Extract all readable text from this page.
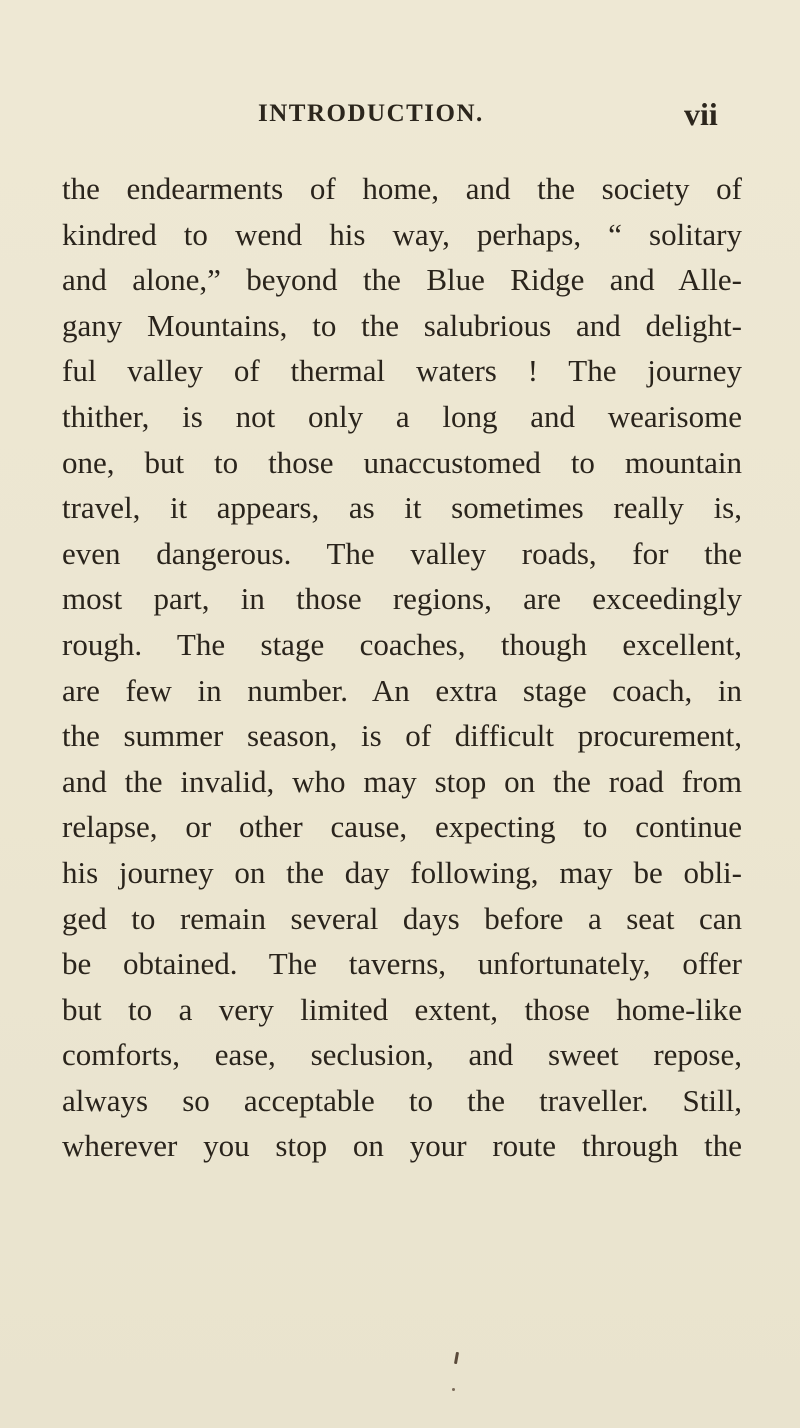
INTRODUCTION.	vii
the endearments of home, and the society of
kindred to wend his way, perhaps, “ solitary
and alone,” beyond the Blue Ridge and Alle-
gany Mountains, to the salubrious and delight-
ful valley of thermal waters ! The journey
thither, is not only a long and wearisome
one, but to those unaccustomed to mountain
travel, it appears, as it sometimes really is,
even dangerous. The valley roads, for the
most part, in those regions, are exceedingly
rough. The stage coaches, though excellent,
are few in number. An extra stage coach, in
the summer season, is of difficult procurement,
and the invalid, who may stop on the road from
relapse, or other cause, expecting to continue
his journey on the day following, may be obli-
ged to remain several days before a seat can
be obtained. The taverns, unfortunately, offer
but to a very limited extent, those home-like
comforts, ease, seclusion, and sweet repose,
always so acceptable to the traveller. Still,
wherever you stop on your route through the
